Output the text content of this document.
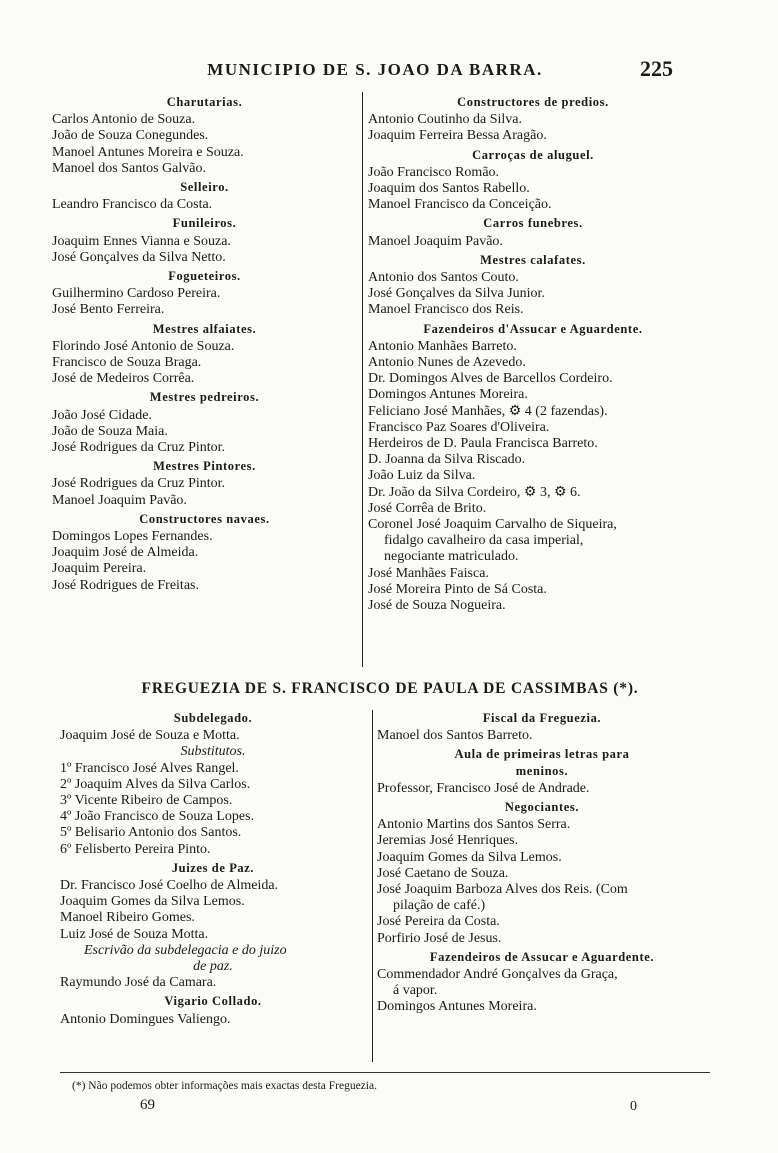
MUNICIPIO DE S. JOAO DA BARRA.	225
Charutarias.
Carlos Antonio de Souza.
João de Souza Conegundes.
Manoel Antunes Moreira e Souza.
Manoel dos Santos Galvão.
Selleiro.
Leandro Francisco da Costa.
Funileiros.
Joaquim Ennes Vianna e Souza.
José Gonçalves da Silva Netto.
Fogueteiros.
Guilhermino Cardoso Pereira.
José Bento Ferreira.
Mestres alfaiates.
Florindo José Antonio de Souza.
Francisco de Souza Braga.
José de Medeiros Corrêa.
Mestres pedreiros.
João José Cidade.
João de Souza Maia.
José Rodrigues da Cruz Pintor.
Mestres Pintores.
José Rodrigues da Cruz Pintor.
Manoel Joaquim Pavão.
Constructores navaes.
Domingos Lopes Fernandes.
Joaquim José de Almeida.
Joaquim Pereira.
José Rodrigues de Freitas.
Constructores de predios.
Antonio Coutinho da Silva.
Joaquim Ferreira Bessa Aragão.
Carroças de aluguel.
João Francisco Romão.
Joaquim dos Santos Rabello.
Manoel Francisco da Conceição.
Carros funebres.
Manoel Joaquim Pavão.
Mestres calafates.
Antonio dos Santos Couto.
José Gonçalves da Silva Junior.
Manoel Francisco dos Reis.
Fazendeiros d'Assucar e Aguardente.
Antonio Manhães Barreto.
Antonio Nunes de Azevedo.
Dr. Domingos Alves de Barcellos Cordeiro.
Domingos Antunes Moreira.
Feliciano José Manhães, ⚙ 4 (2 fazendas).
Francisco Paz Soares d'Oliveira.
Herdeiros de D. Paula Francisca Barreto.
D. Joanna da Silva Riscado.
João Luiz da Silva.
Dr. João da Silva Cordeiro, ⚙ 3, ⚙ 6.
José Corrêa de Brito.
Coronel José Joaquim Carvalho de Siqueira,
fidalgo cavalheiro da casa imperial,
negociante matriculado.
José Manhães Faisca.
José Moreira Pinto de Sá Costa.
José de Souza Nogueira.
FREGUEZIA DE S. FRANCISCO DE PAULA DE CASSIMBAS (*).
Subdelegado.
Joaquim José de Souza e Motta.
Substitutos.
1º Francisco José Alves Rangel.
2º Joaquim Alves da Silva Carlos.
3º Vicente Ribeiro de Campos.
4º João Francisco de Souza Lopes.
5º Belisario Antonio dos Santos.
6º Felisberto Pereira Pinto.
Juizes de Paz.
Dr. Francisco José Coelho de Almeida.
Joaquim Gomes da Silva Lemos.
Manoel Ribeiro Gomes.
Luiz José de Souza Motta.
Escrivão da subdelegacia e do juizo
de paz.
Raymundo José da Camara.
Vigario Collado.
Antonio Domingues Valiengo.
Fiscal da Freguezia.
Manoel dos Santos Barreto.
Aula de primeiras letras para
meninos.
Professor, Francisco José de Andrade.
Negociantes.
Antonio Martins dos Santos Serra.
Jeremias José Henriques.
Joaquim Gomes da Silva Lemos.
José Caetano de Souza.
José Joaquim Barboza Alves dos Reis. (Com
pilação de café.)
José Pereira da Costa.
Porfirio José de Jesus.
Fazendeiros de Assucar e Aguardente.
Commendador André Gonçalves da Graça,
á vapor.
Domingos Antunes Moreira.
(*) Não podemos obter informações mais exactas desta Freguezia.
69	0
